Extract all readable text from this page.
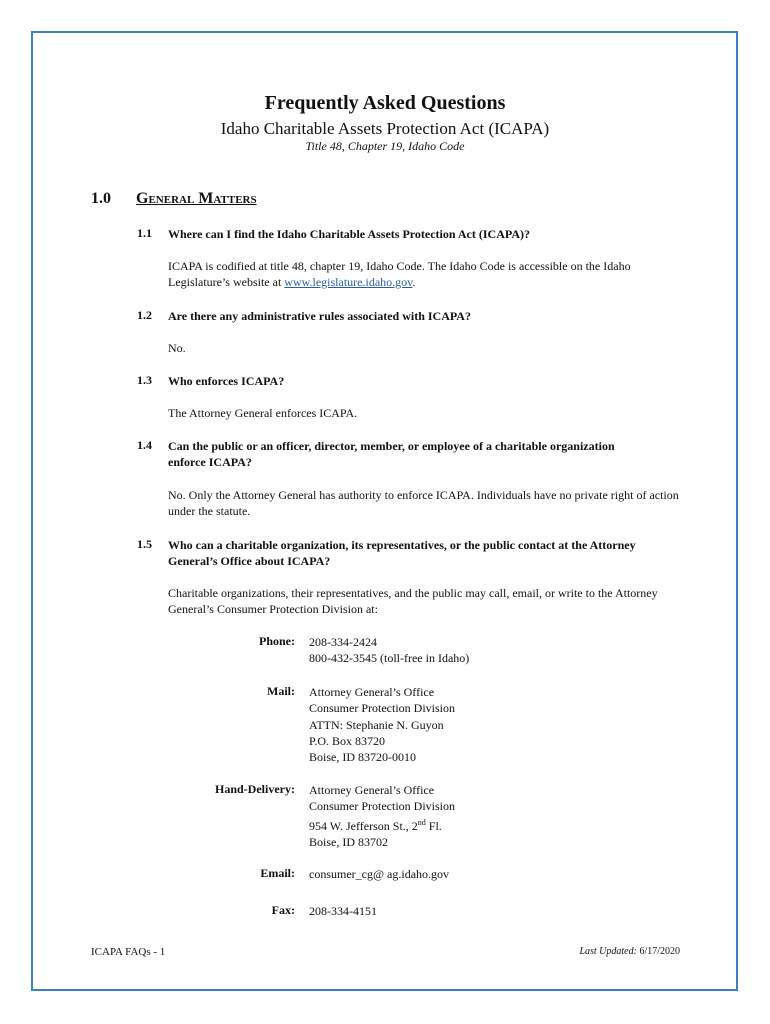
Frequently Asked Questions
Idaho Charitable Assets Protection Act (ICAPA)
Title 48, Chapter 19, Idaho Code
1.0 General Matters
1.1 Where can I find the Idaho Charitable Assets Protection Act (ICAPA)?
ICAPA is codified at title 48, chapter 19, Idaho Code. The Idaho Code is accessible on the Idaho Legislature’s website at www.legislature.idaho.gov.
1.2 Are there any administrative rules associated with ICAPA?
No.
1.3 Who enforces ICAPA?
The Attorney General enforces ICAPA.
1.4 Can the public or an officer, director, member, or employee of a charitable organization enforce ICAPA?
No. Only the Attorney General has authority to enforce ICAPA. Individuals have no private right of action under the statute.
1.5 Who can a charitable organization, its representatives, or the public contact at the Attorney General’s Office about ICAPA?
Charitable organizations, their representatives, and the public may call, email, or write to the Attorney General’s Consumer Protection Division at:
Phone: 208-334-2424
800-432-3545 (toll-free in Idaho)
Mail: Attorney General’s Office
Consumer Protection Division
ATTN: Stephanie N. Guyon
P.O. Box 83720
Boise, ID 83720-0010
Hand-Delivery: Attorney General’s Office
Consumer Protection Division
954 W. Jefferson St., 2nd Fl.
Boise, ID 83702
Email: consumer_cg@ ag.idaho.gov
Fax: 208-334-4151
ICAPA FAQs - 1	Last Updated: 6/17/2020
